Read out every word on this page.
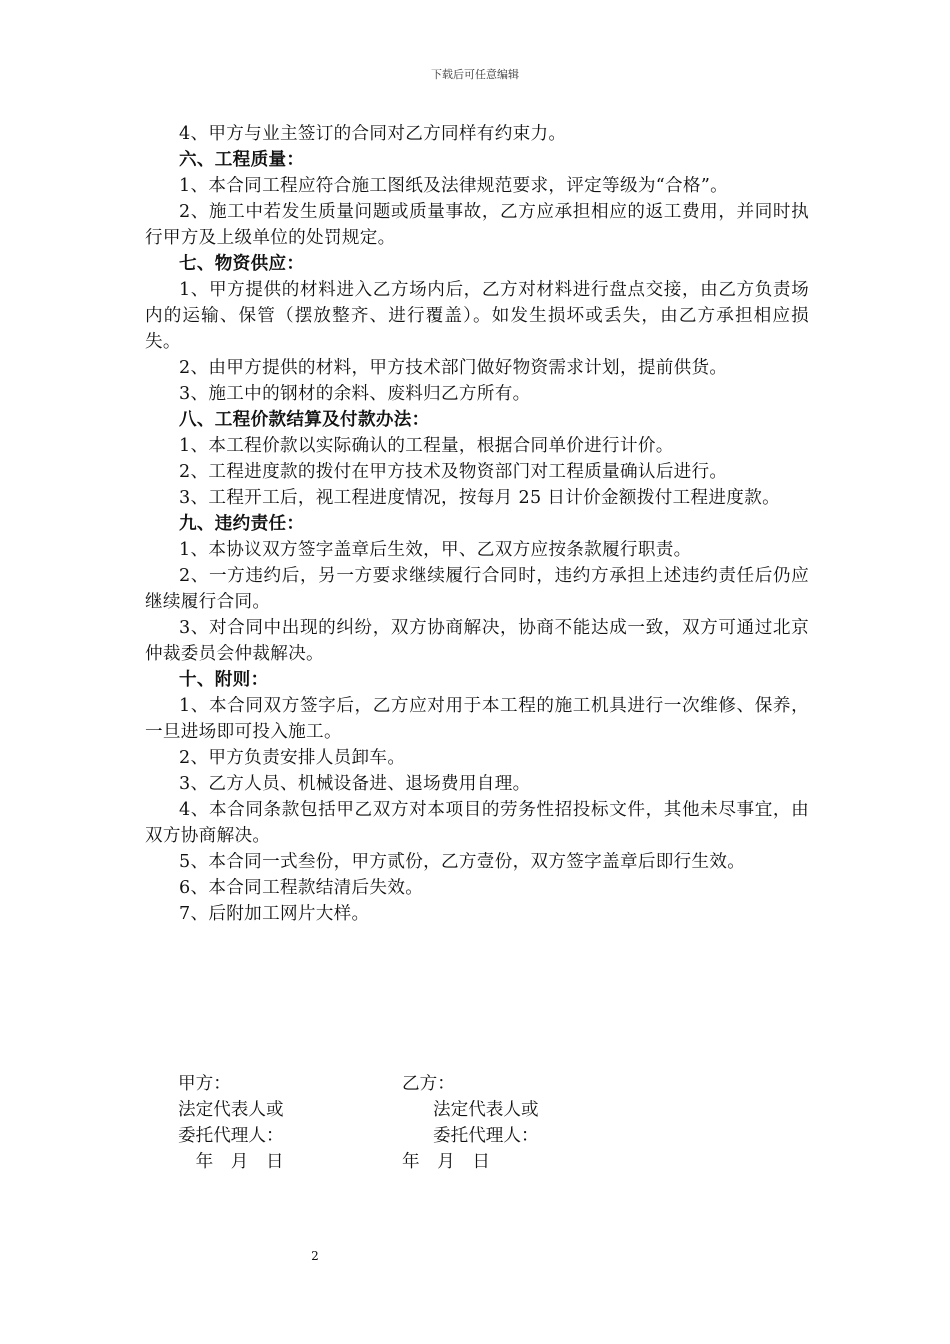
下载后可任意编辑

4、甲方与业主签订的合同对乙方同样有约束力。

六、工程质量：

1、本合同工程应符合施工图纸及法律规范要求，评定等级为“合格”。

2、施工中若发生质量问题或质量事故，乙方应承担相应的返工费用，并同时执行甲方及上级单位的处罚规定。

七、物资供应：

1、甲方提供的材料进入乙方场内后，乙方对材料进行盘点交接，由乙方负责场内的运输、保管（摆放整齐、进行覆盖）。如发生损坏或丢失，由乙方承担相应损失。

2、由甲方提供的材料，甲方技术部门做好物资需求计划，提前供货。

3、施工中的钢材的余料、废料归乙方所有。

八、工程价款结算及付款办法：

1、本工程价款以实际确认的工程量，根据合同单价进行计价。

2、工程进度款的拨付在甲方技术及物资部门对工程质量确认后进行。

3、工程开工后，视工程进度情况，按每月 25 日计价金额拨付工程进度款。

九、违约责任：

1、本协议双方签字盖章后生效，甲、乙双方应按条款履行职责。

2、一方违约后，另一方要求继续履行合同时，违约方承担上述违约责任后仍应继续履行合同。

3、对合同中出现的纠纷，双方协商解决，协商不能达成一致，双方可通过北京仲裁委员会仲裁解决。

十、附则：

1、本合同双方签字后，乙方应对用于本工程的施工机具进行一次维修、保养，一旦进场即可投入施工。

2、甲方负责安排人员卸车。

3、乙方人员、机械设备进、退场费用自理。

4、本合同条款包括甲乙双方对本项目的劳务性招投标文件，其他未尽事宜，由双方协商解决。

5、本合同一式叁份，甲方贰份，乙方壹份，双方签字盖章后即行生效。

6、本合同工程款结清后失效。

7、后附加工网片大样。

甲方：	乙方：
法定代表人或	法定代表人或
委托代理人：	委托代理人：
　年　月　日	年　月　日
2
